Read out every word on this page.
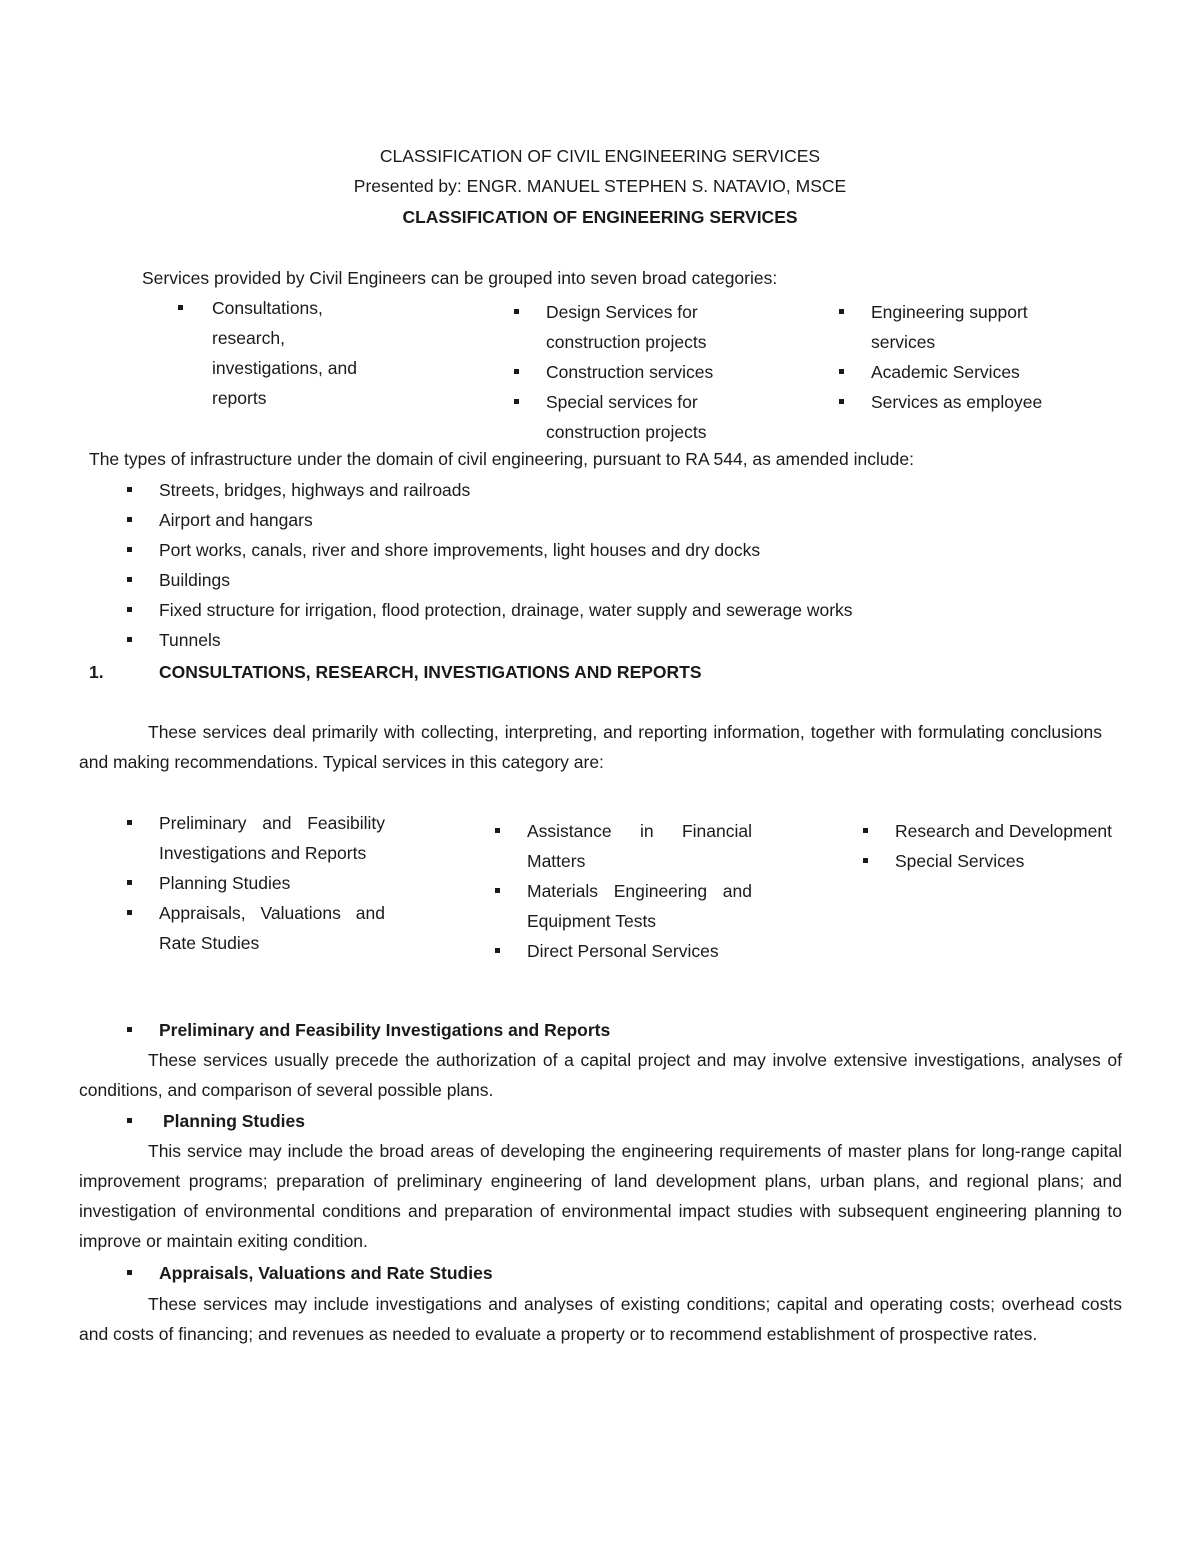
CLASSIFICATION OF CIVIL ENGINEERING SERVICES
Presented by: ENGR. MANUEL STEPHEN S. NATAVIO, MSCE
CLASSIFICATION OF ENGINEERING SERVICES
Services provided by Civil Engineers can be grouped into seven broad categories:
Consultations, research, investigations, and reports
Design Services for construction projects
Construction services
Special services for construction projects
Engineering support services
Academic Services
Services as employee
The types of infrastructure under the domain of civil engineering, pursuant to RA 544, as amended include:
Streets, bridges, highways and railroads
Airport and hangars
Port works, canals, river and shore improvements, light houses and dry docks
Buildings
Fixed structure for irrigation, flood protection, drainage, water supply and sewerage works
Tunnels
1.	CONSULTATIONS, RESEARCH, INVESTIGATIONS AND REPORTS
These services deal primarily with collecting, interpreting, and reporting information, together with formulating conclusions and making recommendations. Typical services in this category are:
Preliminary and Feasibility Investigations and Reports
Planning Studies
Appraisals, Valuations and Rate Studies
Assistance in Financial Matters
Materials Engineering and Equipment Tests
Direct Personal Services
Research and Development
Special Services
Preliminary and Feasibility Investigations and Reports
These services usually precede the authorization of a capital project and may involve extensive investigations, analyses of conditions, and comparison of several possible plans.
Planning Studies
This service may include the broad areas of developing the engineering requirements of master plans for long-range capital improvement programs; preparation of preliminary engineering of land development plans, urban plans, and regional plans; and investigation of environmental conditions and preparation of environmental impact studies with subsequent engineering planning to improve or maintain exiting condition.
Appraisals, Valuations and Rate Studies
These services may include investigations and analyses of existing conditions; capital and operating costs; overhead costs and costs of financing; and revenues as needed to evaluate a property or to recommend establishment of prospective rates.
